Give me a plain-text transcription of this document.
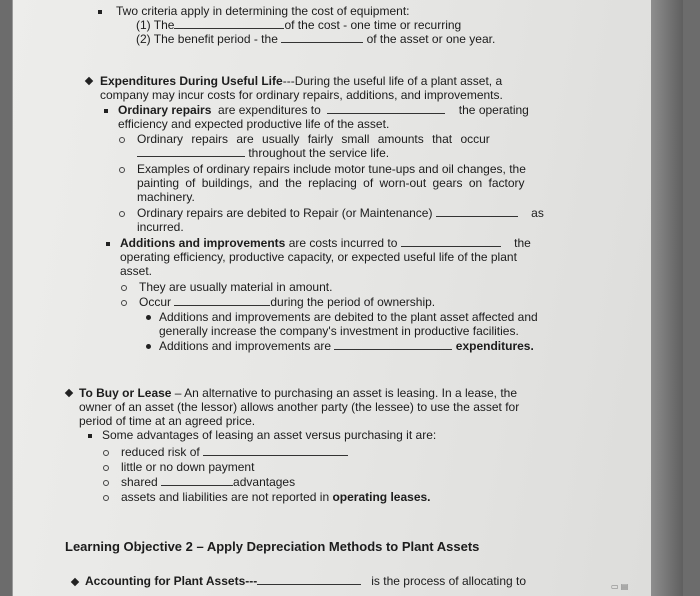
Two criteria apply in determining the cost of equipment:
(1) The	of the cost - one time or recurring
(2) The benefit period - the	of the asset or one year.
Expenditures During Useful Life---During the useful life of a plant asset, a
company may incur costs for ordinary repairs, additions, and improvements.
Ordinary repairs are expenditures to	the operating
efficiency and expected productive life of the asset.
Ordinary repairs are usually fairly small amounts that occur
throughout the service life.
Examples of ordinary repairs include motor tune-ups and oil changes, the
painting of buildings, and the replacing of worn-out gears on factory
machinery.
Ordinary repairs are debited to Repair (or Maintenance)	as
incurred.
Additions and improvements are costs incurred to	the
operating efficiency, productive capacity, or expected useful life of the plant
asset.
They are usually material in amount.
Occur	during the period of ownership.
Additions and improvements are debited to the plant asset affected and
generally increase the company's investment in productive facilities.
Additions and improvements are	expenditures.
To Buy or Lease – An alternative to purchasing an asset is leasing. In a lease, the
owner of an asset (the lessor) allows another party (the lessee) to use the asset for
period of time at an agreed price.
Some advantages of leasing an asset versus purchasing it are:
reduced risk of
little or no down payment
shared	advantages
assets and liabilities are not reported in operating leases.
Learning Objective 2 – Apply Depreciation Methods to Plant Assets
Accounting for Plant Assets---	is the process of allocating to	▭ ▤
